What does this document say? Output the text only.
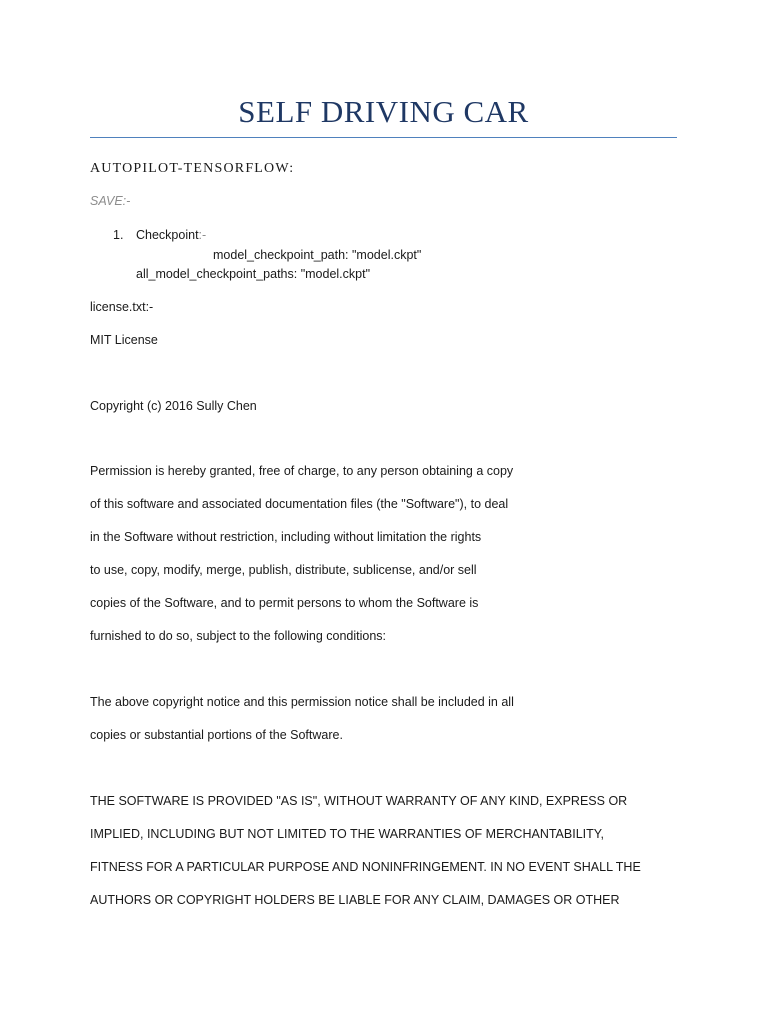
SELF DRIVING CAR
AUTOPILOT-TENSORFLOW:
SAVE:-
1. Checkpoint:-
model_checkpoint_path: "model.ckpt"
all_model_checkpoint_paths: "model.ckpt"
license.txt:-
MIT License
Copyright (c) 2016 Sully Chen
Permission is hereby granted, free of charge, to any person obtaining a copy
of this software and associated documentation files (the "Software"), to deal
in the Software without restriction, including without limitation the rights
to use, copy, modify, merge, publish, distribute, sublicense, and/or sell
copies of the Software, and to permit persons to whom the Software is
furnished to do so, subject to the following conditions:
The above copyright notice and this permission notice shall be included in all
copies or substantial portions of the Software.
THE SOFTWARE IS PROVIDED "AS IS", WITHOUT WARRANTY OF ANY KIND, EXPRESS OR
IMPLIED, INCLUDING BUT NOT LIMITED TO THE WARRANTIES OF MERCHANTABILITY,
FITNESS FOR A PARTICULAR PURPOSE AND NONINFRINGEMENT. IN NO EVENT SHALL THE
AUTHORS OR COPYRIGHT HOLDERS BE LIABLE FOR ANY CLAIM, DAMAGES OR OTHER
